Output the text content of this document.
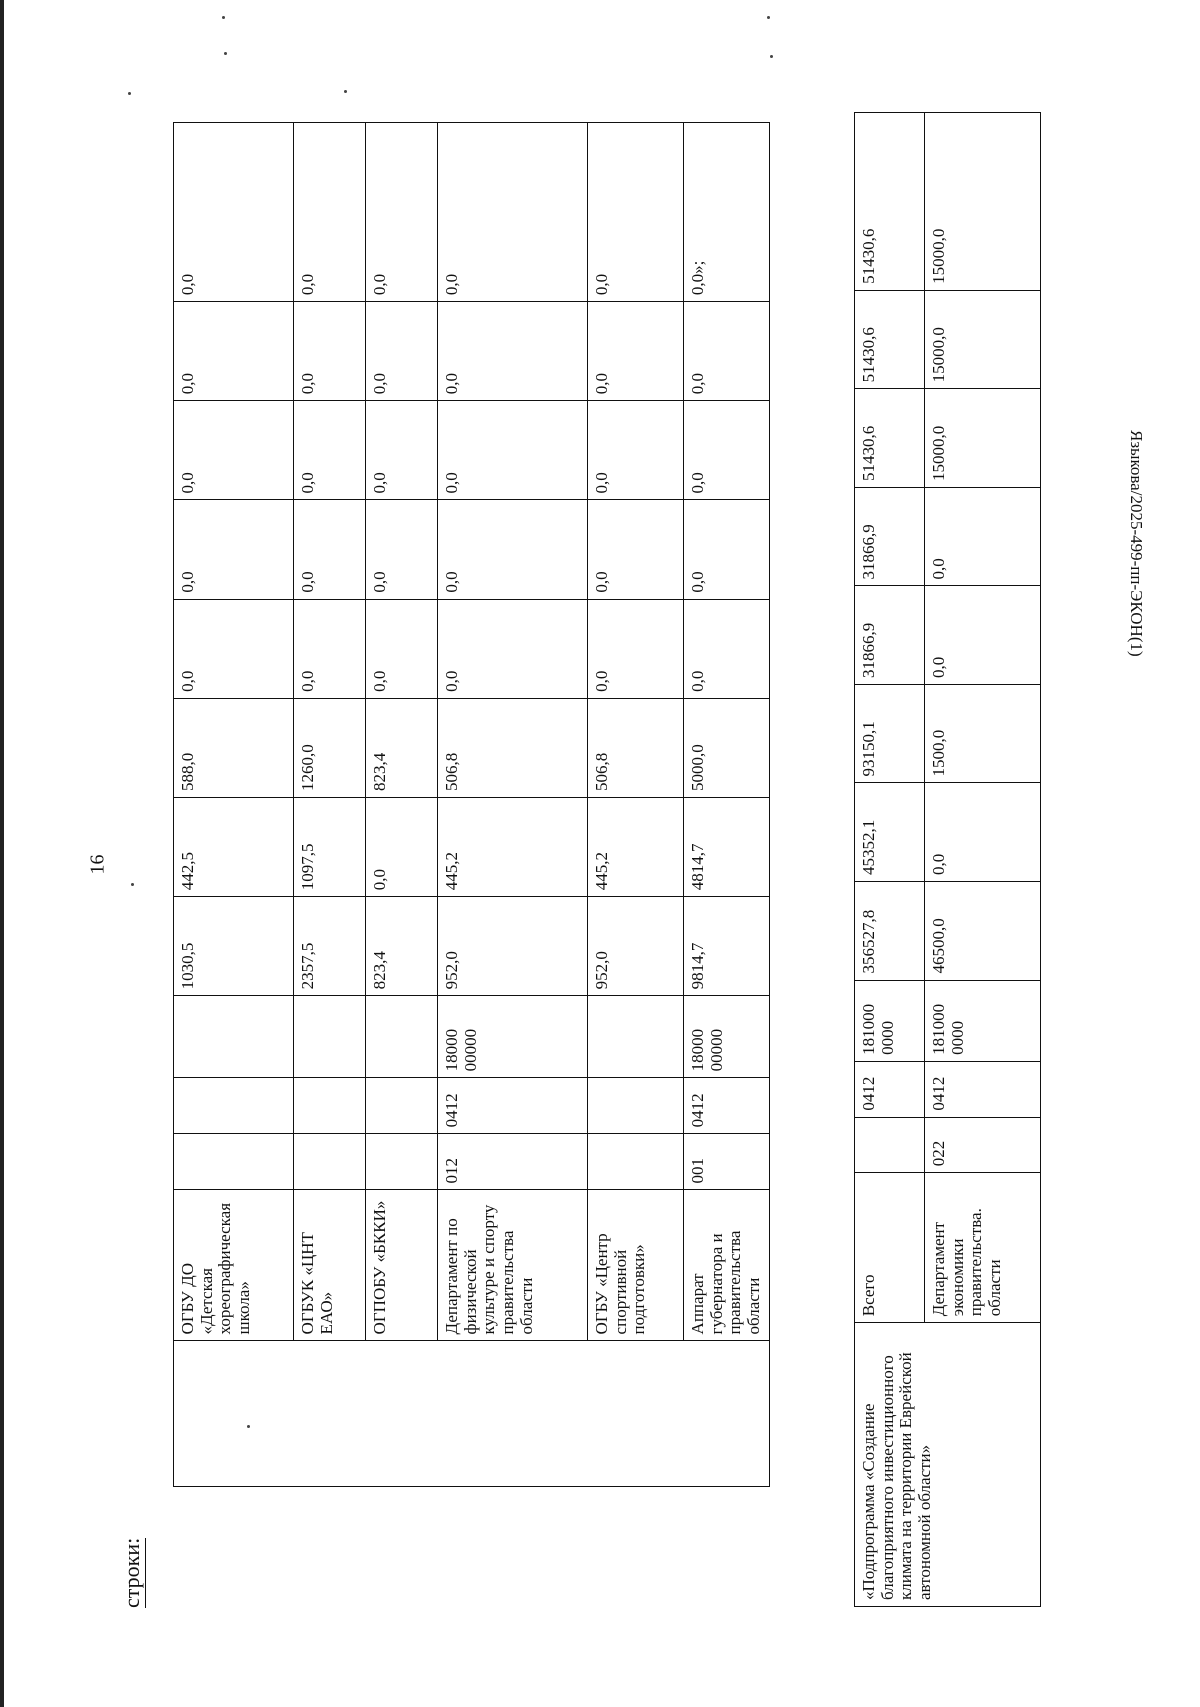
16
	ОГБУ ДО «Детская хореографическая школа»				1030,5	442,5	588,0	0,0	0,0	0,0	0,0	0,0
	ОГБУК «ЦНТ ЕАО»				2357,5	1097,5	1260,0	0,0	0,0	0,0	0,0	0,0
	ОГПОБУ «БККИ»				823,4	0,0	823,4	0,0	0,0	0,0	0,0	0,0
	Департамент по физической культуре и спорту правительства области	012	0412	18000 00000	952,0	445,2	506,8	0,0	0,0	0,0	0,0	0,0
	ОГБУ «Центр спортивной подготовки»				952,0	445,2	506,8	0,0	0,0	0,0	0,0	0,0
	Аппарат губернатора и правительства области	001	0412	18000 00000	9814,7	4814,7	5000,0	0,0	0,0	0,0	0,0	0,0»;
строки:	«Подпрограмма «Создание благоприятного инвестиционного климата на территории Еврейской автономной области»	Всего		0412	181000 0000	356527,8	45352,1	93150,1	31866,9	31866,9	51430,6	51430,6	51430,6
	Департамент экономики правительства. области	022	0412	181000 0000	46500,0	0,0	1500,0	0,0	0,0	15000,0	15000,0	15000,0
Языкова/2025-499-пп-ЭКОН(1)
